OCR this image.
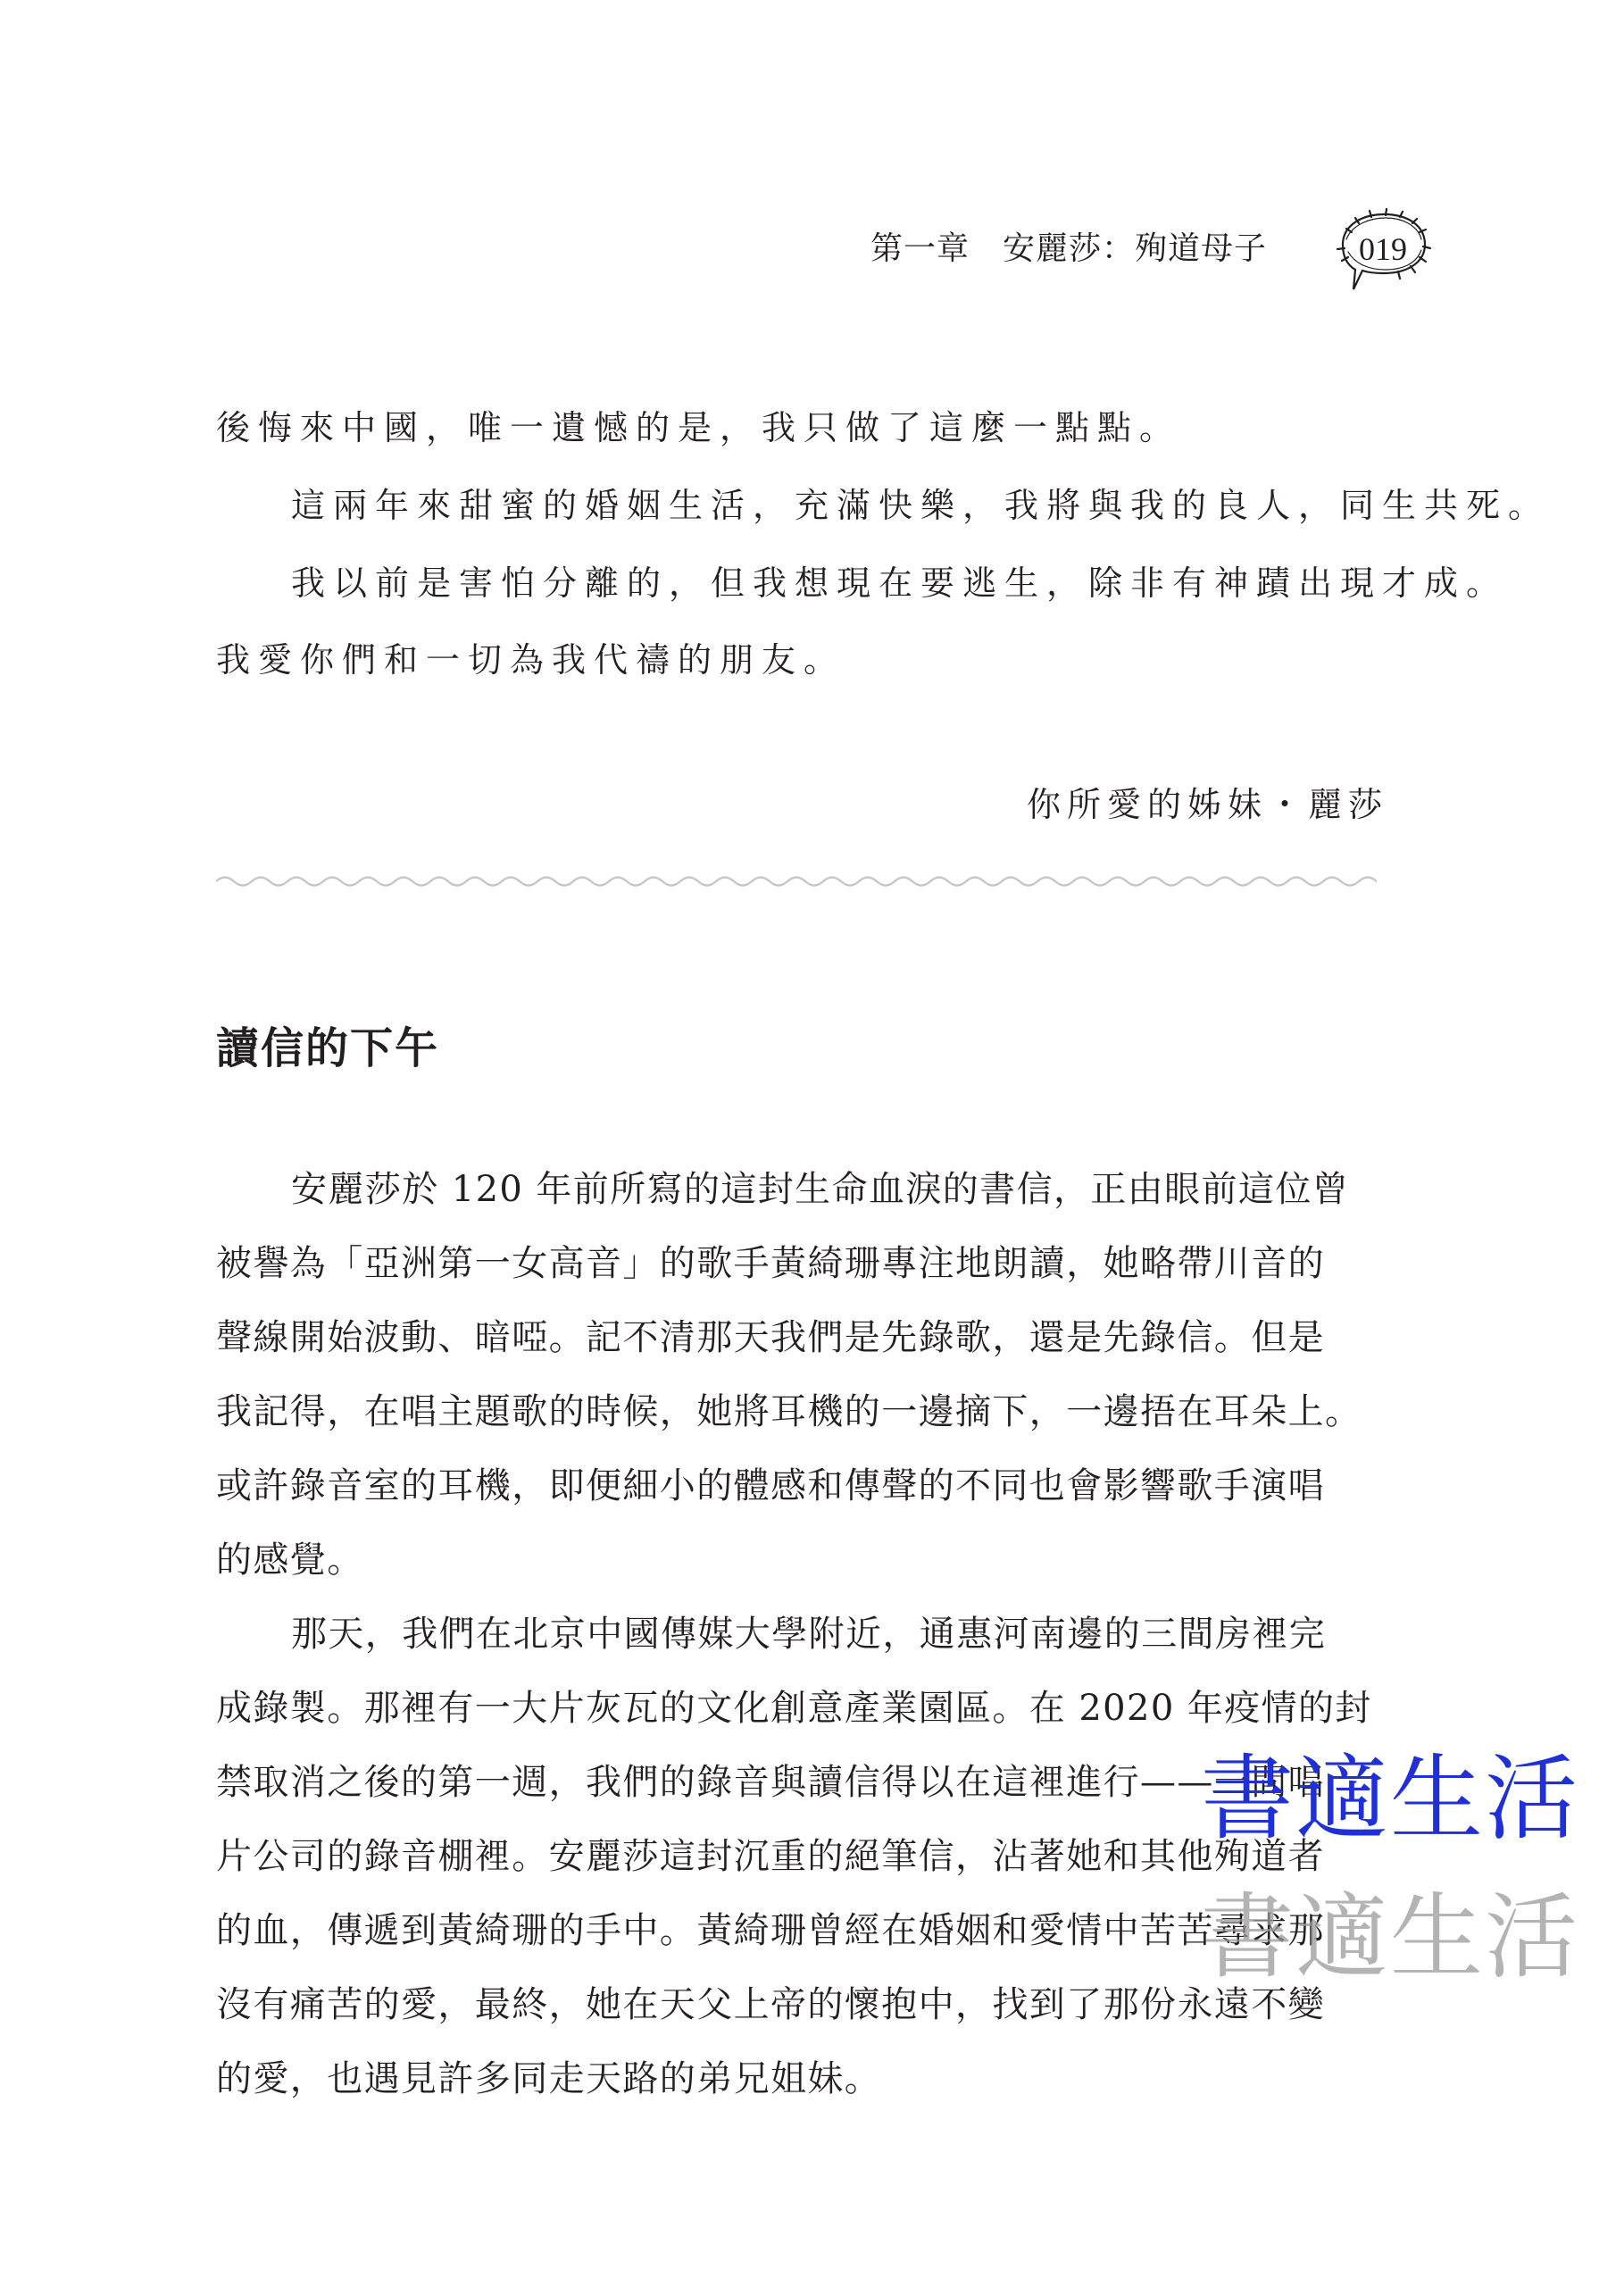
第一章　安麗莎：殉道母子	019
後悔來中國，唯一遺憾的是，我只做了這麼一點點。
這兩年來甜蜜的婚姻生活，充滿快樂，我將與我的良人，同生共死。
我以前是害怕分離的，但我想現在要逃生，除非有神蹟出現才成。
我愛你們和一切為我代禱的朋友。
你所愛的姊妹・麗莎
讀信的下午
安麗莎於 120 年前所寫的這封生命血淚的書信，正由眼前這位曾
被譽為「亞洲第一女高音」的歌手黃綺珊專注地朗讀，她略帶川音的
聲線開始波動、暗啞。記不清那天我們是先錄歌，還是先錄信。但是
我記得，在唱主題歌的時候，她將耳機的一邊摘下，一邊捂在耳朵上。
或許錄音室的耳機，即便細小的體感和傳聲的不同也會影響歌手演唱
的感覺。
那天，我們在北京中國傳媒大學附近，通惠河南邊的三間房裡完
成錄製。那裡有一大片灰瓦的文化創意產業園區。在 2020 年疫情的封
禁取消之後的第一週，我們的錄音與讀信得以在這裡進行——一間唱
片公司的錄音棚裡。安麗莎這封沉重的絕筆信，沾著她和其他殉道者
的血，傳遞到黃綺珊的手中。黃綺珊曾經在婚姻和愛情中苦苦尋求那
沒有痛苦的愛，最終，她在天父上帝的懷抱中，找到了那份永遠不變
的愛，也遇見許多同走天路的弟兄姐妹。
書適生活
書適生活
